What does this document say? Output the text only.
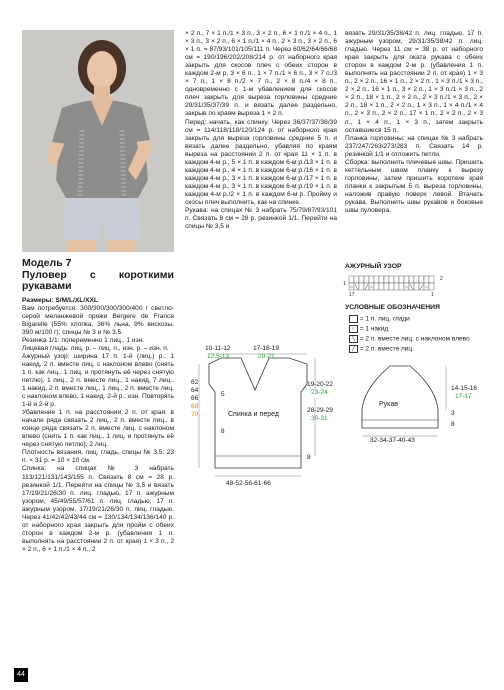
Модель 7
Пуловер с короткими рукавами

Размеры: S/M/L/XL/XXL

Вам потребуется: 300/300/300/300/400 г светло-серой меланжевой пряжи Bergere de France Bigarelle (55% хлопка, 36% льна, 9% вискозы, 390 м/100 г); спицы № 3 и № 3,5.

Резинка 1/1: попеременно 1 лиц., 1 изн.

Лицевая гладь: лиц. р. – лиц. п., изн. р. – изн. п.

Ажурный узор: ширина 17 п. 1-й (лиц.) р.: 1 накид, 2 п. вместе лиц. с наклоном влево (снять 1 п. как лиц., 1 лиц. и протянуть её через снятую петлю), 1 лиц., 2 п. вместе лиц., 1 накид, 7 лиц., 1 накид, 2 п. вместе лиц., 1 лиц., 2 п. вместе лиц. с наклоном влево, 1 накид. 2-й р.: изн. Повторять 1-й и 2-й р.

Убавление 1 п. на расстоянии 2 п. от края: в начале ряда связать 2 лиц., 2 п. вместе лиц., в конце ряда связать 2 п. вместе лиц. с наклоном влево (снять 1 п. как лиц., 1 лиц. и протянуть её через снятую петлю), 2 лиц.

Плотность вязания, лиц. гладь, спицы № 3,5: 23 п. × 31 р. = 10 × 10 см.

Спинка: на спицах № 3 набрать 113/121/131/143/155 п. Связать 8 см = 28 р. резинкой 1/1. Перейти на спицы № 3,5 и вязать 17/19/21/26/30 п. лиц. гладью, 17 п. ажурным узором, 45/49/55/57/61 п. лиц. гладью, 17 п. ажурным узором, 17/19/21/26/30 п. лиц. гладью. Через 41/42/42/43/44 см = 130/134/134/136/140 р. от наборного края закрыть для пройм с обеих сторон в каждом 2-м р. (убавления 1 п. выполнять на расстоянии 2 п. от края) 1 × 3 п., 2 × 2 п., 6 × 1 п./1 × 4 п., 2

× 2 п., 7 × 1 п./1 × 3 п., 3 × 2 п., 6 × 1 п./1 × 4 п., 1 × 3 п., 3 × 2 п., 6 × 1 п./1 × 4 п., 2 × 3 п., 3 × 2 п., 6 × 1 п. = 87/93/101/105/111 п. Через 60/62/64/66/68 см = 190/196/202/208/214 р. от наборного края закрыть для скосов плеч с обеих сторон в каждом 2-м р. 3 × 6 п., 1 × 7 п./1 × 6 п., 3 × 7 п./3 × 7 п., 1 × 8 п./2 × 7 п., 2 × 8 п./4 × 8 п., одновременно с 1-м убавлением для скосов плеч закрыть для выреза горловины средние 29/31/35/37/39 п. и вязать далее раздельно, закрыв по краям выреза 1 × 2 п.

Перед: начать, как спинку. Через 36/37/37/38/39 см = 114/118/118/120/124 р. от наборного края закрыть для выреза горловины средние 5 п. и вязать далее раздельно, убавляя по краям выреза на расстоянии 2 п. от края 11 × 1 п. в каждом 4-м р., 5 × 1 п. в каждом 6-м р./13 × 1 п. в каждом 4-м р., 4 × 1 п. в каждом 6-м р./16 × 1 п. в каждом 4-м р., 3 × 1 п. в каждом 6-м р./17 × 1 п. в каждом 4-м р., 3 × 1 п. в каждом 6-м р./19 × 1 п. в каждом 4-м р./2 × 1 п. в каждом 6-м р. Пройму и скосы плеч выполнить, как на спинке.

Рукава: на спицах № 3 набрать 75/79/87/93/101 п. Связать 8 см = 28 р. резинкой 1/1. Перейти на спицы № 3,5 и

10-11-12
12,5-13
17-18-19
20-21
19-20-22
23-24
62
64
66
68
70
5
8
Спинка и перед
28-29-29
30-31
8
48-52-56-61-66

вязать 29/31/35/38/42 п. лиц. гладью, 17 п. ажурным узором, 29/31/35/38/42 п. лиц. гладью. Через 11 см = 38 р. от наборного края закрыть для оката рукава с обеих сторон в каждом 2-м р. (убавления 1 п. выполнять на расстоянии 2 п. от края) 1 × 3 п., 2 × 2 п., 16 × 1 п., 2 × 2 п., 1 × 3 п./1 × 3 п., 2 × 2 п., 16 × 1 п., 3 × 2 п., 1 × 3 п./1 × 3 п., 2 × 2 п., 18 × 1 п., 2 × 2 п., 2 × 3 п./1 × 3 п., 2 × 2 п., 18 × 1 п., 2 × 2 п., 1 × 3 п., 1 × 4 п./1 × 4 п., 2 × 3 п., 2 × 2 п., 17 × 1 п., 2 × 2 п., 2 × 3 п., 1 × 4 п., 1 × 3 п., затем закрыть оставшиеся 15 п.

Планка горловины: на спицах № 3 набрать 237/247/263/273/283 п. Связать 14 р. резинкой 1/1 и отложить петли.

Сборка: выполнить плечевые швы. Пришить кеттельным швом планку к вырезу горловины, затем пришить короткие края планки к закрытым 5 п. выреза горловины, наложив правую поверх левой. Втачать рукава. Выполнить швы рукавов и боковые швы пуловера.

АЖУРНЫЙ УЗОР
○ ╲ ╱ ○	○ ╲ ╱ ○
1
2
17	1
УСЛОВНЫЕ ОБОЗНАЧЕНИЯ
= 1 п. лиц. глади
○ = 1 накид
╲ = 2 п. вместе лиц. с наклоном влево
╱ = 2 п. вместе лиц.
Рукав
14-15-16
17-17
3
8
32-34-37-40-43
44
